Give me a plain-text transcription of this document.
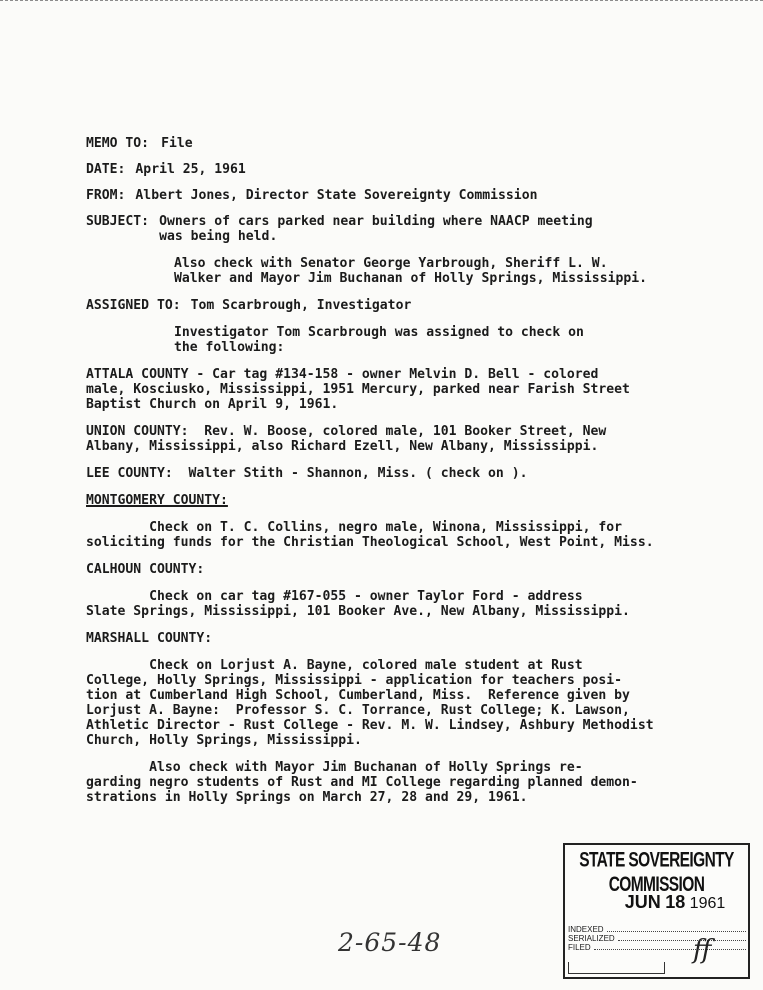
MEMO TO: File
DATE: April 25, 1961
FROM: Albert Jones, Director State Sovereignty Commission
SUBJECT: Owners of cars parked near building where NAACP meeting

was being held.

Also check with Senator George Yarbrough, Sheriff L. W.

Walker and Mayor Jim Buchanan of Holly Springs, Mississippi.

ASSIGNED TO: Tom Scarbrough, Investigator

Investigator Tom Scarbrough was assigned to check on

the following:

ATTALA COUNTY - Car tag #134-158 - owner Melvin D. Bell - colored

male, Kosciusko, Mississippi, 1951 Mercury, parked near Farish Street

Baptist Church on April 9, 1961.

UNION COUNTY:  Rev. W. Boose, colored male, 101 Booker Street, New

Albany, Mississippi, also Richard Ezell, New Albany, Mississippi.

LEE COUNTY:  Walter Stith - Shannon, Miss. ( check on ).

MONTGOMERY COUNTY:

Check on T. C. Collins, negro male, Winona, Mississippi, for

soliciting funds for the Christian Theological School, West Point, Miss.

CALHOUN COUNTY:

Check on car tag #167-055 - owner Taylor Ford - address

Slate Springs, Mississippi, 101 Booker Ave., New Albany, Mississippi.

MARSHALL COUNTY:

Check on Lorjust A. Bayne, colored male student at Rust

College, Holly Springs, Mississippi - application for teachers posi-

tion at Cumberland High School, Cumberland, Miss.  Reference given by

Lorjust A. Bayne:  Professor S. C. Torrance, Rust College; K. Lawson,

Athletic Director - Rust College - Rev. M. W. Lindsey, Ashbury Methodist

Church, Holly Springs, Mississippi.

Also check with Mayor Jim Buchanan of Holly Springs re-

garding negro students of Rust and MI College regarding planned demon-

strations in Holly Springs on March 27, 28 and 29, 1961.

STATE SOVEREIGNTY COMMISSION
JUN 18 1961
INDEXED
SERIALIZED
FILED	ff
2-65-48
